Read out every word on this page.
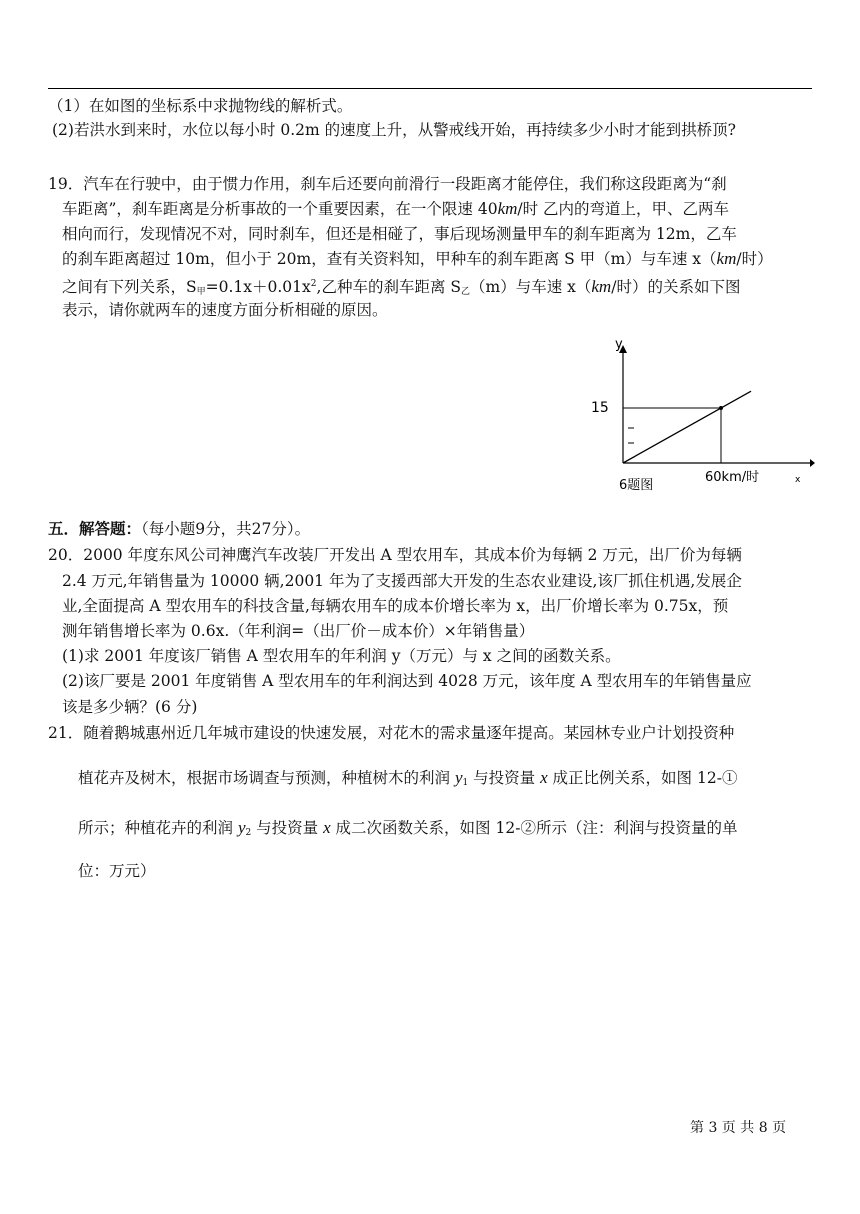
（1）在如图的坐标系中求抛物线的解析式。
(2)若洪水到来时，水位以每小时 0.2m 的速度上升，从警戒线开始，再持续多少小时才能到拱桥顶?
19．汽车在行驶中，由于惯力作用，刹车后还要向前滑行一段距离才能停住，我们称这段距离为“刹
车距离”，刹车距离是分析事故的一个重要因素，在一个限速 40km/时 乙内的弯道上，甲、乙两车
相向而行，发现情况不对，同时刹车，但还是相碰了，事后现场测量甲车的刹车距离为 12m，乙车
的刹车距离超过 10m，但小于 20m，查有关资料知，甲种车的刹车距离 S 甲（m）与车速 x（km/时）
之间有下列关系，$S_甲=0.1x+0.01x^2$,乙种车的刹车距离 $S_乙(m)$与车速 x（km/时）的关系如下图
表示，请你就两车的速度方面分析相碰的原因。
y
15
60km/时	x
6题图
五．解答题：（每小题9分，共27分）。
20．2000 年度东风公司神鹰汽车改装厂开发出 A 型农用车，其成本价为每辆 2 万元，出厂价为每辆
2.4 万元,年销售量为 10000 辆,2001 年为了支援西部大开发的生态农业建设,该厂抓住机遇,发展企
业,全面提高 A 型农用车的科技含量,每辆农用车的成本价增长率为 x，出厂价增长率为 0.75x，预
测年销售增长率为 0.6x.（年利润=（出厂价－成本价）×年销售量）
(1)求 2001 年度该厂销售 A 型农用车的年利润 y（万元）与 x 之间的函数关系。
(2)该厂要是 2001 年度销售 A 型农用车的年利润达到 4028 万元，该年度 A 型农用车的年销售量应
该是多少辆？(6 分)
21．随着鹅城惠州近几年城市建设的快速发展，对花木的需求量逐年提高。某园林专业户计划投资种
植花卉及树木，根据市场调查与预测，种植树木的利润 $y_1$ 与投资量 x 成正比例关系，如图 12-①
所示；种植花卉的利润 $y_2$ 与投资量 x 成二次函数关系，如图 12-②所示（注：利润与投资量的单
位：万元）
第 3 页 共 8 页
